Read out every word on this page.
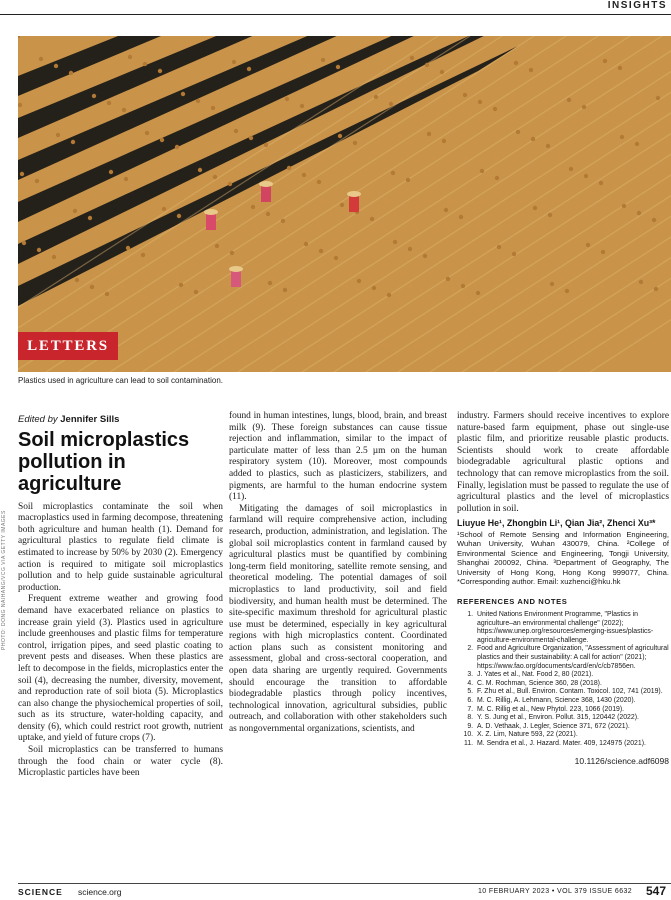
INSIGHTS
LETTERS
PHOTO: DONG NAIHANG/VCG VIA GETTY IMAGES
Plastics used in agriculture can lead to soil contamination.
Edited by Jennifer Sills
Soil microplastics pollution in agriculture

Soil microplastics contaminate the soil when macroplastics used in farming decompose, threatening both agriculture and human health (1). Demand for agricultural plastics to regulate field climate is estimated to increase by 50% by 2030 (2). Emergency action is required to mitigate soil microplastics pollution and to help guide sustainable agricultural production.

Frequent extreme weather and growing food demand have exacerbated reliance on plastics to increase grain yield (3). Plastics used in agriculture include greenhouses and plastic films for temperature control, irrigation pipes, and seed plastic coating to prevent pests and diseases. When these plastics are left to decompose in the fields, microplastics enter the soil (4), decreasing the number, diversity, movement, and reproduction rate of soil biota (5). Microplastics can also change the physiochemical properties of soil, such as its structure, water-holding capacity, and density (6), which could restrict root growth, nutrient uptake, and yield of future crops (7).

Soil microplastics can be transferred to humans through the food chain or water cycle (8). Microplastic particles have been

found in human intestines, lungs, blood, brain, and breast milk (9). These foreign substances can cause tissue rejection and inflammation, similar to the impact of particulate matter of less than 2.5 µm on the human respiratory system (10). Moreover, most compounds added to plastics, such as plasticizers, stabilizers, and pigments, are harmful to the human endocrine system (11).

Mitigating the damages of soil microplastics in farmland will require comprehensive action, including research, production, administration, and legislation. The global soil microplastics content in farmland caused by agricultural plastics must be quantified by combining long-term field monitoring, satellite remote sensing, and theoretical modeling. The potential damages of soil microplastics to land productivity, soil and field biodiversity, and human health must be determined. The site-specific maximum threshold for agricultural plastic use must be determined, especially in key agricultural regions with high microplastics content. Coordinated action plans such as consistent monitoring and assessment, global and cross-sectoral cooperation, and open data sharing are urgently required. Governments should encourage the transition to affordable biodegradable plastics through policy incentives, technological innovation, agricultural subsidies, public outreach, and collaboration with other stakeholders such as nongovernmental organizations, scientists, and

industry. Farmers should receive incentives to explore nature-based farm equipment, phase out single-use plastic film, and prioritize reusable plastic products. Scientists should work to create affordable biodegradable agricultural plastic options and technology that can remove microplastics from the soil. Finally, legislation must be passed to regulate the use of agricultural plastics and the level of microplastics pollution in soil.

Liuyue He¹, Zhongbin Li¹, Qian Jia², Zhenci Xu³*

¹School of Remote Sensing and Information Engineering, Wuhan University, Wuhan 430079, China. ²College of Environmental Science and Engineering, Tongji University, Shanghai 200092, China. ³Department of Geography, The University of Hong Kong, Hong Kong 999077, China. *Corresponding author. Email: xuzhenci@hku.hk

REFERENCES AND NOTES
1. United Nations Environment Programme, "Plastics in agriculture–an environmental challenge" (2022); https://www.unep.org/resources/emerging-issues/plastics-agriculture-environmental-challenge.
2. Food and Agriculture Organization, "Assessment of agricultural plastics and their sustainability: A call for action" (2021); https://www.fao.org/documents/card/en/c/cb7856en.
3. J. Yates et al., Nat. Food 2, 80 (2021).
4. C. M. Rochman, Science 360, 28 (2018).
5. F. Zhu et al., Bull. Environ. Contam. Toxicol. 102, 741 (2019).
6. M. C. Rillig, A. Lehmann, Science 368, 1430 (2020).
7. M. C. Rillig et al., New Phytol. 223, 1066 (2019).
8. Y. S. Jung et al., Environ. Pollut. 315, 120442 (2022).
9. A. D. Vethaak, J. Legler, Science 371, 672 (2021).
10. X. Z. Lim, Nature 593, 22 (2021).
11. M. Sendra et al., J. Hazard. Mater. 409, 124975 (2021).
10.1126/science.adf6098
SCIENCE science.org	10 FEBRUARY 2023 • VOL 379 ISSUE 6632 547
